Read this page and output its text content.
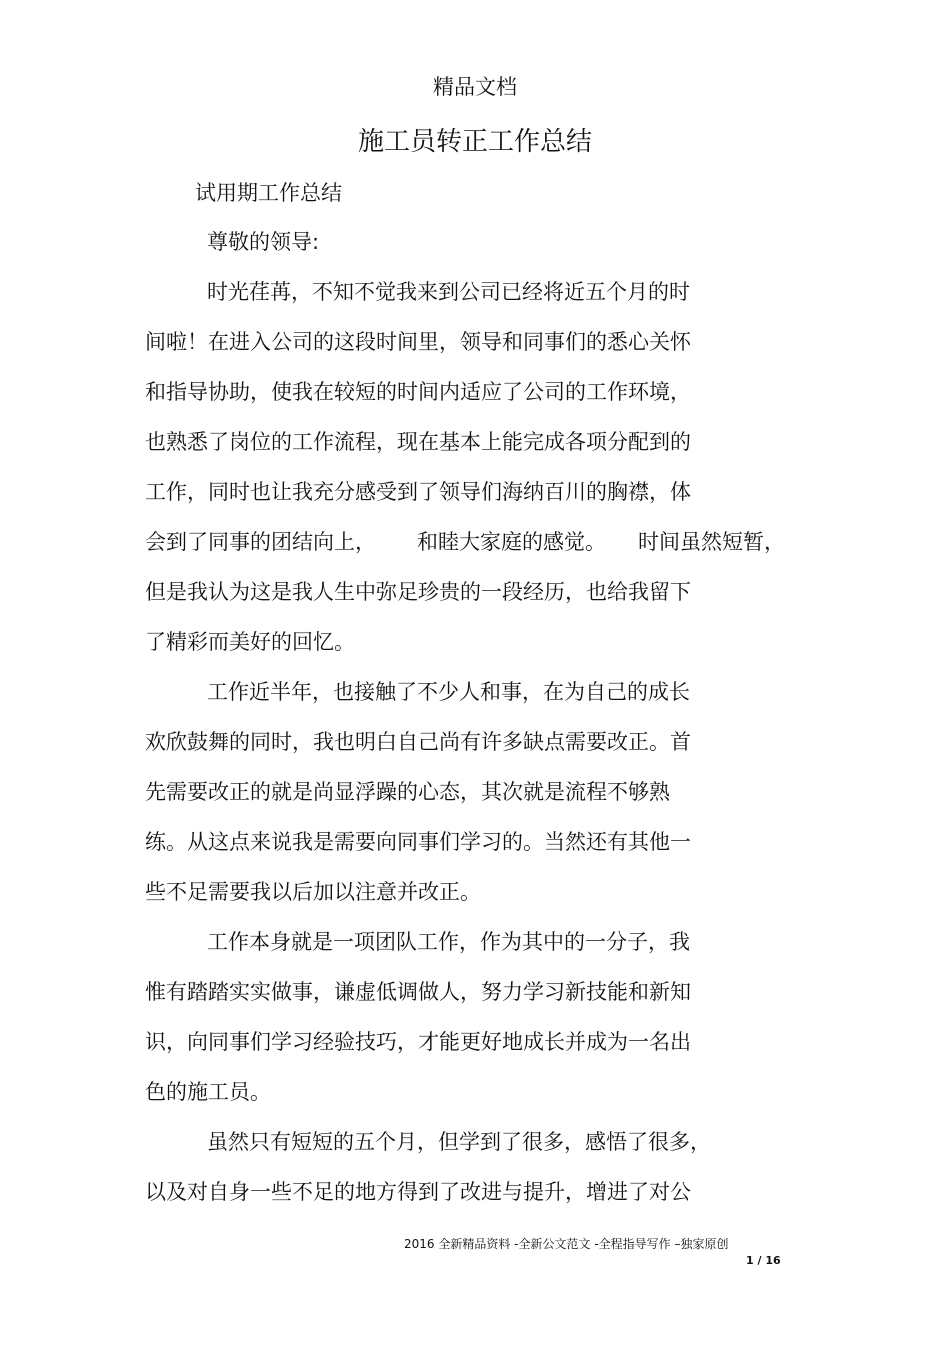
精品文档
施工员转正工作总结
试用期工作总结
尊敬的领导:
时光荏苒，不知不觉我来到公司已经将近五个月的时
间啦！在进入公司的这段时间里，领导和同事们的悉心关怀
和指导协助，使我在较短的时间内适应了公司的工作环境，
也熟悉了岗位的工作流程，现在基本上能完成各项分配到的
工作，同时也让我充分感受到了领导们海纳百川的胸襟，体
会到了同事的团结向上， 和睦大家庭的感觉。 时间虽然短暂，
但是我认为这是我人生中弥足珍贵的一段经历，也给我留下
了精彩而美好的回忆。
工作近半年，也接触了不少人和事，在为自己的成长
欢欣鼓舞的同时，我也明白自己尚有许多缺点需要改正。首
先需要改正的就是尚显浮躁的心态，其次就是流程不够熟
练。从这点来说我是需要向同事们学习的。当然还有其他一
些不足需要我以后加以注意并改正。
工作本身就是一项团队工作，作为其中的一分子，我
惟有踏踏实实做事，谦虚低调做人，努力学习新技能和新知
识，向同事们学习经验技巧，才能更好地成长并成为一名出
色的施工员。
虽然只有短短的五个月，但学到了很多，感悟了很多，
以及对自身一些不足的地方得到了改进与提升，增进了对公
2016 全新精品资料 -全新公文范文 -全程指导写作 –独家原创
1 / 16
